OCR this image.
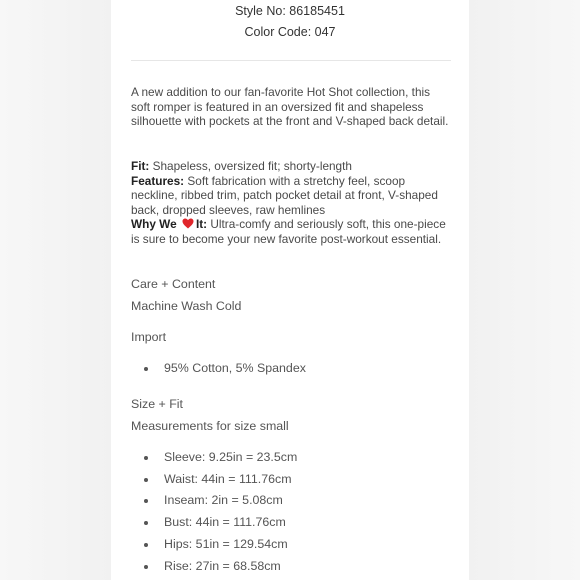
Style No: 86185451
Color Code: 047
A new addition to our fan-favorite Hot Shot collection, this soft romper is featured in an oversized fit and shapeless silhouette with pockets at the front and V-shaped back detail.
Fit: Shapeless, oversized fit; shorty-length
Features: Soft fabrication with a stretchy feel, scoop neckline, ribbed trim, patch pocket detail at front, V-shaped back, dropped sleeves, raw hemlines
Why We It: Ultra-comfy and seriously soft, this one-piece is sure to become your new favorite post-workout essential.
Care + Content
Machine Wash Cold
Import
95% Cotton, 5% Spandex
Size + Fit
Measurements for size small
Sleeve: 9.25in = 23.5cm
Waist: 44in = 111.76cm
Inseam: 2in = 5.08cm
Bust: 44in = 111.76cm
Hips: 51in = 129.54cm
Rise: 27in = 68.58cm
